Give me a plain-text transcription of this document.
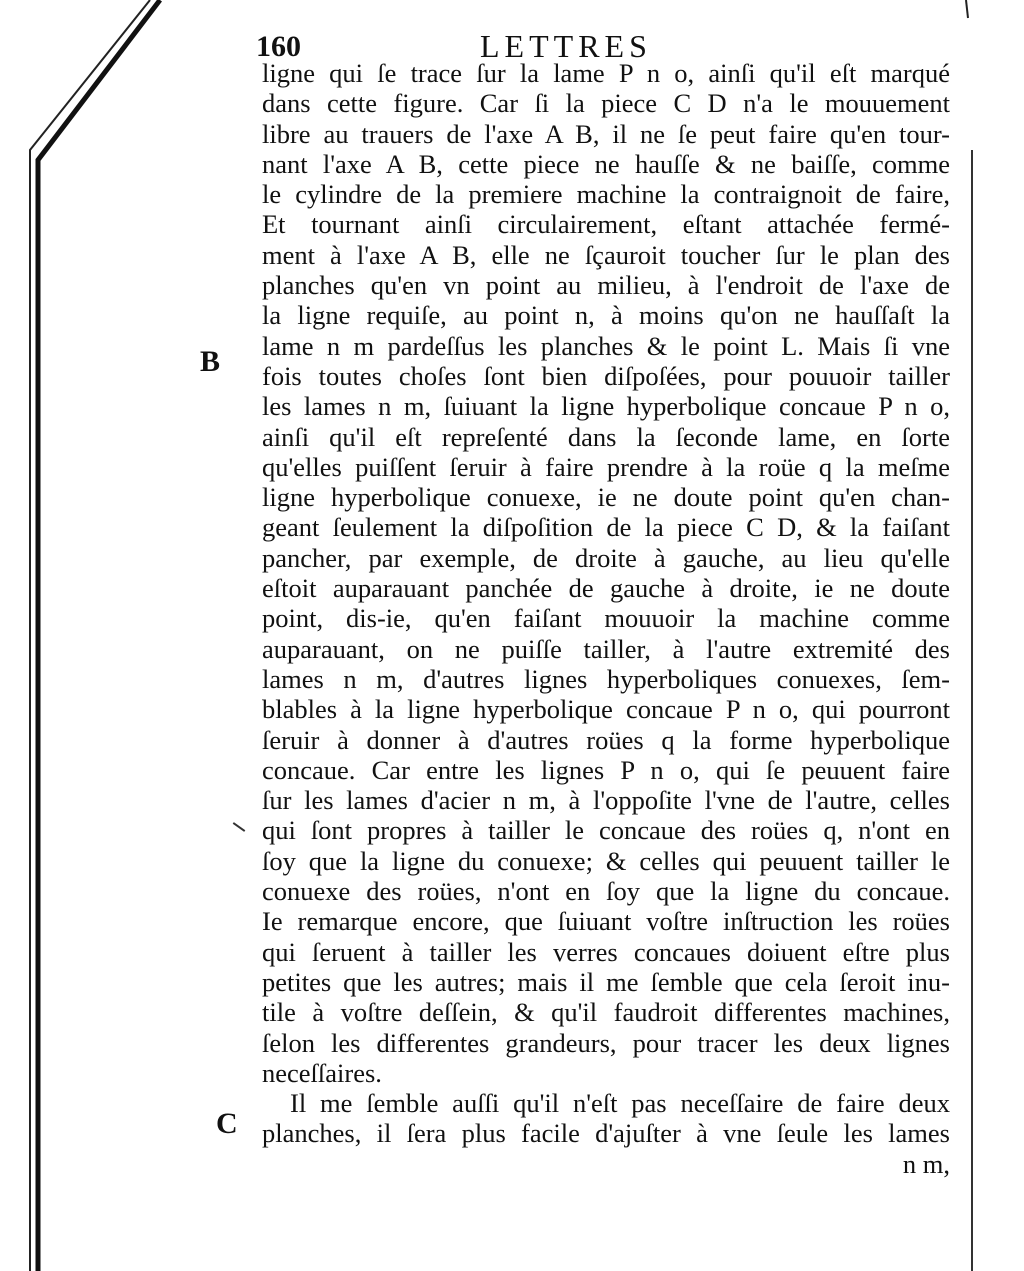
160	LETTRES
B
C
ligne qui ſe trace ſur la lame P n o, ainſi qu'il eſt marqué
dans cette figure. Car ſi la piece C D n'a le mouuement
libre au trauers de l'axe A B, il ne ſe peut faire qu'en tour-
nant l'axe A B, cette piece ne hauſſe & ne baiſſe, comme
le cylindre de la premiere machine la contraignoit de faire,
Et tournant ainſi circulairement, eſtant attachée fermé-
ment à l'axe A B, elle ne ſçauroit toucher ſur le plan des
planches qu'en vn point au milieu, à l'endroit de l'axe de
la ligne requiſe, au point n, à moins qu'on ne hauſſaſt la
lame n m pardeſſus les planches & le point L. Mais ſi vne
fois toutes choſes ſont bien diſpoſées, pour pouuoir tailler
les lames n m, ſuiuant la ligne hyperbolique concaue P n o,
ainſi qu'il eſt repreſenté dans la ſeconde lame, en ſorte
qu'elles puiſſent ſeruir à faire prendre à la roüe q la meſme
ligne hyperbolique conuexe, ie ne doute point qu'en chan-
geant ſeulement la diſpoſition de la piece C D, & la faiſant
pancher, par exemple, de droite à gauche, au lieu qu'elle
eſtoit auparauant panchée de gauche à droite, ie ne doute
point, dis-ie, qu'en faiſant mouuoir la machine comme
auparauant, on ne puiſſe tailler, à l'autre extremité des
lames n m, d'autres lignes hyperboliques conuexes, ſem-
blables à la ligne hyperbolique concaue P n o, qui pourront
ſeruir à donner à d'autres roües q la forme hyperbolique
concaue. Car entre les lignes P n o, qui ſe peuuent faire
ſur les lames d'acier n m, à l'oppoſite l'vne de l'autre, celles
qui ſont propres à tailler le concaue des roües q, n'ont en
ſoy que la ligne du conuexe; & celles qui peuuent tailler le
conuexe des roües, n'ont en ſoy que la ligne du concaue.
Ie remarque encore, que ſuiuant voſtre inſtruction les roües
qui ſeruent à tailler les verres concaues doiuent eſtre plus
petites que les autres; mais il me ſemble que cela ſeroit inu-
tile à voſtre deſſein, & qu'il faudroit differentes machines,
ſelon les differentes grandeurs, pour tracer les deux lignes
neceſſaires.
Il me ſemble auſſi qu'il n'eſt pas neceſſaire de faire deux
planches, il ſera plus facile d'ajuſter à vne ſeule les lames
n m,
